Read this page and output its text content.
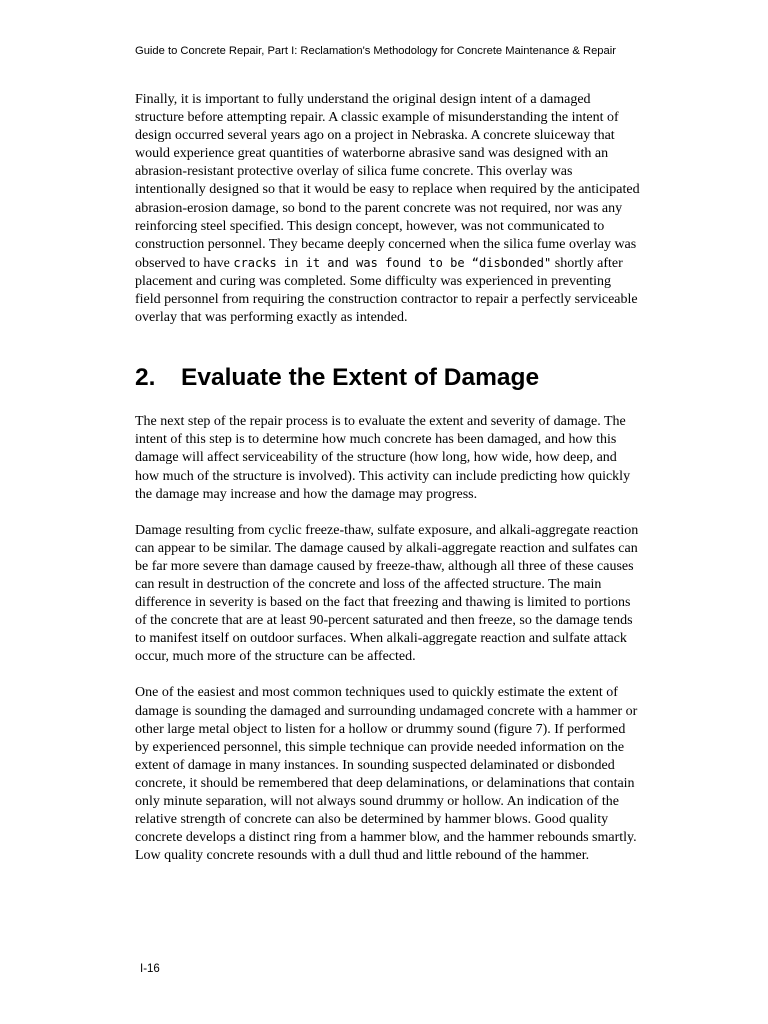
Guide to Concrete Repair, Part I: Reclamation's Methodology for Concrete Maintenance & Repair

Finally, it is important to fully understand the original design intent of a damaged structure before attempting repair. A classic example of misunderstanding the intent of design occurred several years ago on a project in Nebraska. A concrete sluiceway that would experience great quantities of waterborne abrasive sand was designed with an abrasion-resistant protective overlay of silica fume concrete. This overlay was intentionally designed so that it would be easy to replace when required by the anticipated abrasion-erosion damage, so bond to the parent concrete was not required, nor was any reinforcing steel specified. This design concept, however, was not communicated to construction personnel. They became deeply concerned when the silica fume overlay was observed to have cracks in it and was found to be “disbonded" shortly after placement and curing was completed. Some difficulty was experienced in preventing field personnel from requiring the construction contractor to repair a perfectly serviceable overlay that was performing exactly as intended.

2. Evaluate the Extent of Damage

The next step of the repair process is to evaluate the extent and severity of damage. The intent of this step is to determine how much concrete has been damaged, and how this damage will affect serviceability of the structure (how long, how wide, how deep, and how much of the structure is involved). This activity can include predicting how quickly the damage may increase and how the damage may progress.

Damage resulting from cyclic freeze-thaw, sulfate exposure, and alkali-aggregate reaction can appear to be similar. The damage caused by alkali-aggregate reaction and sulfates can be far more severe than damage caused by freeze-thaw, although all three of these causes can result in destruction of the concrete and loss of the affected structure. The main difference in severity is based on the fact that freezing and thawing is limited to portions of the concrete that are at least 90-percent saturated and then freeze, so the damage tends to manifest itself on outdoor surfaces. When alkali-aggregate reaction and sulfate attack occur, much more of the structure can be affected.

One of the easiest and most common techniques used to quickly estimate the extent of damage is sounding the damaged and surrounding undamaged concrete with a hammer or other large metal object to listen for a hollow or drummy sound (figure 7). If performed by experienced personnel, this simple technique can provide needed information on the extent of damage in many instances. In sounding suspected delaminated or disbonded concrete, it should be remembered that deep delaminations, or delaminations that contain only minute separation, will not always sound drummy or hollow. An indication of the relative strength of concrete can also be determined by hammer blows. Good quality concrete develops a distinct ring from a hammer blow, and the hammer rebounds smartly. Low quality concrete resounds with a dull thud and little rebound of the hammer.

I-16
